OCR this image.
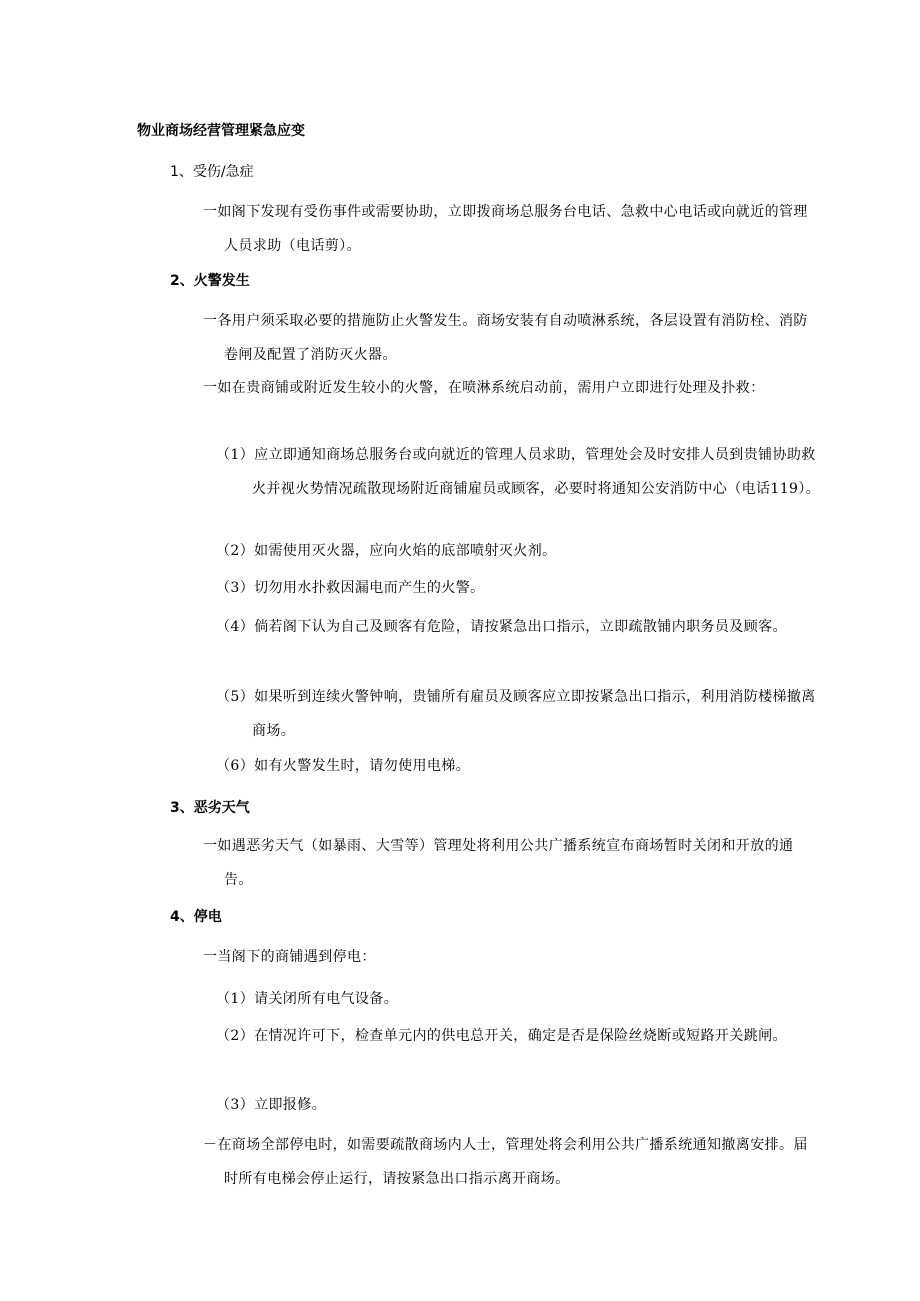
物业商场经营管理紧急应变
1、受伤/急症
一如阁下发现有受伤事件或需要协助，立即拨商场总服务台电话、急救中心电话或向就近的管理人员求助（电话剪）。
2、火警发生
一各用户须采取必要的措施防止火警发生。商场安装有自动喷淋系统，各层设置有消防栓、消防卷闸及配置了消防灭火器。
一如在贵商铺或附近发生较小的火警，在喷淋系统启动前，需用户立即进行处理及扑救：
（1）应立即通知商场总服务台或向就近的管理人员求助，管理处会及时安排人员到贵铺协助救火并视火势情况疏散现场附近商铺雇员或顾客，必要时将通知公安消防中心（电话119）。
（2）如需使用灭火器，应向火焰的底部喷射灭火剂。
（3）切勿用水扑救因漏电而产生的火警。
（4）倘若阁下认为自己及顾客有危险，请按紧急出口指示，立即疏散铺内职务员及顾客。
（5）如果听到连续火警钟响，贵铺所有雇员及顾客应立即按紧急出口指示，利用消防楼梯撤离商场。
（6）如有火警发生时，请勿使用电梯。
3、恶劣天气
一如遇恶劣天气（如暴雨、大雪等）管理处将利用公共广播系统宣布商场暂时关闭和开放的通告。
4、停电
一当阁下的商铺遇到停电：
（1）请关闭所有电气设备。
（2）在情况许可下，检查单元内的供电总开关，确定是否是保险丝烧断或短路开关跳闸。
（3）立即报修。
－在商场全部停电时，如需要疏散商场内人士，管理处将会利用公共广播系统通知撤离安排。届时所有电梯会停止运行，请按紧急出口指示离开商场。
